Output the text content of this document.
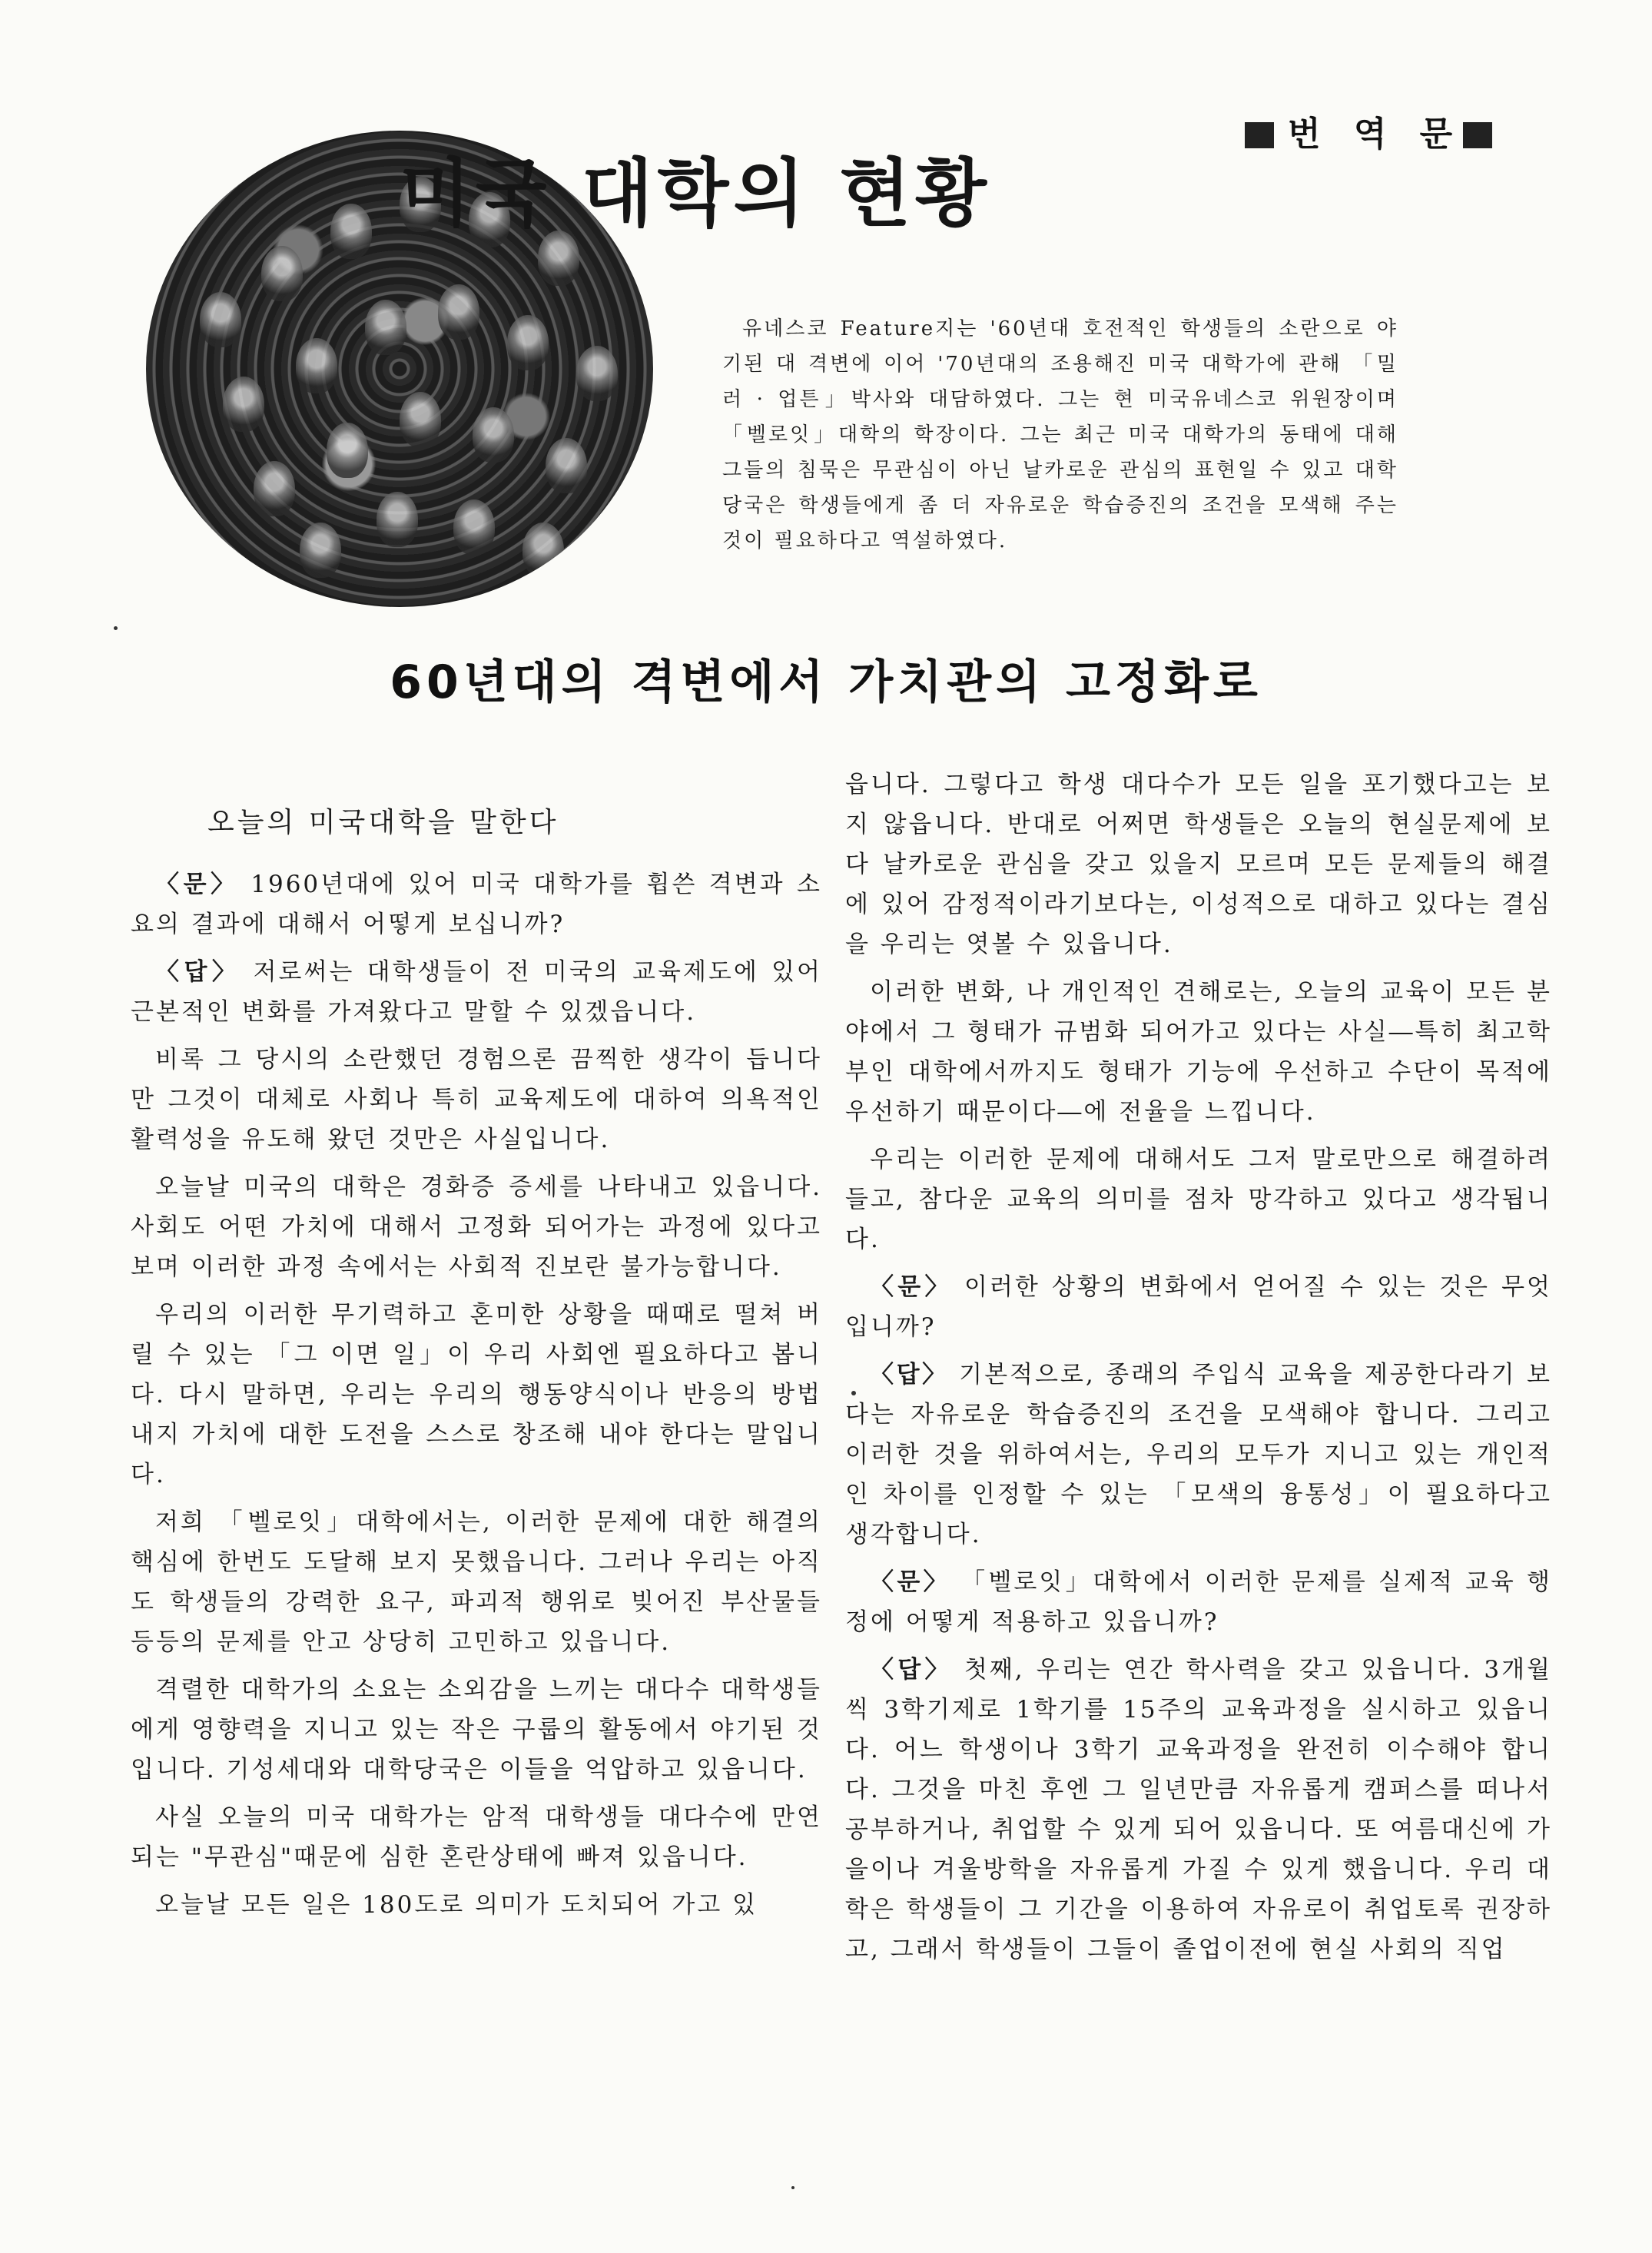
번 역 문

미국 대학의 현황

유네스코 Feature지는 '60년대 호전적인 학생들의 소란으로 야기된 대 격변에 이어 '70년대의 조용해진 미국 대학가에 관해 「밀러 · 업튼」박사와 대담하였다. 그는 현 미국유네스코 위원장이며 「벨로잇」대학의 학장이다. 그는 최근 미국 대학가의 동태에 대해 그들의 침묵은 무관심이 아닌 날카로운 관심의 표현일 수 있고 대학당국은 학생들에게 좀 더 자유로운 학습증진의 조건을 모색해 주는 것이 필요하다고 역설하였다.

60년대의 격변에서 가치관의 고정화로

오늘의 미국대학을 말한다

〈문〉 1960년대에 있어 미국 대학가를 휩쓴 격변과 소요의 결과에 대해서 어떻게 보십니까?

〈답〉 저로써는 대학생들이 전 미국의 교육제도에 있어 근본적인 변화를 가져왔다고 말할 수 있겠읍니다.

비록 그 당시의 소란했던 경험으론 끔찍한 생각이 듭니다만 그것이 대체로 사회나 특히 교육제도에 대하여 의욕적인 활력성을 유도해 왔던 것만은 사실입니다.

오늘날 미국의 대학은 경화증 증세를 나타내고 있읍니다. 사회도 어떤 가치에 대해서 고정화 되어가는 과정에 있다고 보며 이러한 과정 속에서는 사회적 진보란 불가능합니다.

우리의 이러한 무기력하고 혼미한 상황을 때때로 떨쳐 버릴 수 있는 「그 이면 일」이 우리 사회엔 필요하다고 봅니다. 다시 말하면, 우리는 우리의 행동양식이나 반응의 방법 내지 가치에 대한 도전을 스스로 창조해 내야 한다는 말입니다.

저희 「벨로잇」대학에서는, 이러한 문제에 대한 해결의 핵심에 한번도 도달해 보지 못했읍니다. 그러나 우리는 아직도 학생들의 강력한 요구, 파괴적 행위로 빚어진 부산물들 등등의 문제를 안고 상당히 고민하고 있읍니다.

격렬한 대학가의 소요는 소외감을 느끼는 대다수 대학생들에게 영향력을 지니고 있는 작은 구룹의 활동에서 야기된 것입니다. 기성세대와 대학당국은 이들을 억압하고 있읍니다.

사실 오늘의 미국 대학가는 암적 대학생들 대다수에 만연되는 "무관심"때문에 심한 혼란상태에 빠져 있읍니다.

오늘날 모든 일은 180도로 의미가 도치되어 가고 있

읍니다. 그렇다고 학생 대다수가 모든 일을 포기했다고는 보지 않읍니다. 반대로 어쩌면 학생들은 오늘의 현실문제에 보다 날카로운 관심을 갖고 있을지 모르며 모든 문제들의 해결에 있어 감정적이라기보다는, 이성적으로 대하고 있다는 결심을 우리는 엿볼 수 있읍니다.

이러한 변화, 나 개인적인 견해로는, 오늘의 교육이 모든 분야에서 그 형태가 규범화 되어가고 있다는 사실―특히 최고학부인 대학에서까지도 형태가 기능에 우선하고 수단이 목적에 우선하기 때문이다―에 전율을 느낍니다.

우리는 이러한 문제에 대해서도 그저 말로만으로 해결하려 들고, 참다운 교육의 의미를 점차 망각하고 있다고 생각됩니다.

〈문〉 이러한 상황의 변화에서 얻어질 수 있는 것은 무엇입니까?

〈답〉 기본적으로, 종래의 주입식 교육을 제공한다라기 보다는 자유로운 학습증진의 조건을 모색해야 합니다. 그리고 이러한 것을 위하여서는, 우리의 모두가 지니고 있는 개인적인 차이를 인정할 수 있는 「모색의 융통성」이 필요하다고 생각합니다.

〈문〉 「벨로잇」대학에서 이러한 문제를 실제적 교육 행정에 어떻게 적용하고 있읍니까?

〈답〉 첫째, 우리는 연간 학사력을 갖고 있읍니다. 3개월씩 3학기제로 1학기를 15주의 교육과정을 실시하고 있읍니다. 어느 학생이나 3학기 교육과정을 완전히 이수해야 합니다. 그것을 마친 후엔 그 일년만큼 자유롭게 캠퍼스를 떠나서 공부하거나, 취업할 수 있게 되어 있읍니다. 또 여름대신에 가을이나 겨울방학을 자유롭게 가질 수 있게 했읍니다. 우리 대학은 학생들이 그 기간을 이용하여 자유로이 취업토록 권장하고, 그래서 학생들이 그들이 졸업이전에 현실 사회의 직업
